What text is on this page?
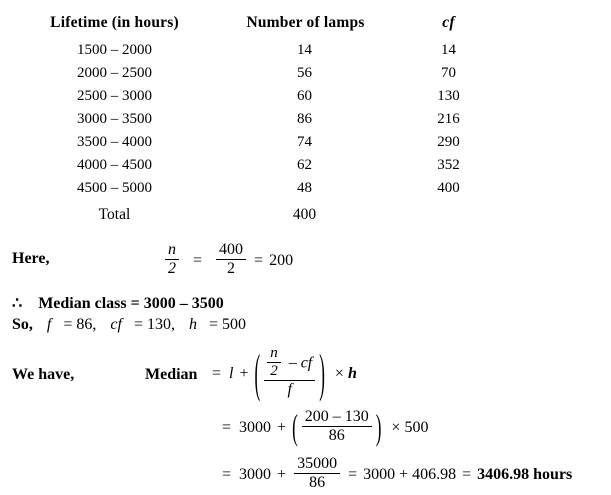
Lifetime (in hours)	Number of lamps	cf
1500 – 2000	14	14
2000 – 2500	56	70
2500 – 3000	60	130
3000 – 3500	86	216
3500 – 4000	74	290
4000 – 4500	62	352
4500 – 5000	48	400
Total	400	
Here,	$\frac{n}{2} = \frac{400}{2} = 200$
∴ Median class = 3000 – 3500
So, f = 86, cf = 130, h = 500
We have,	Median = l + ( $\frac{\frac{n}{2} - cf}{f}$ ) × h
= 3000 + ( $\frac{200 - 130}{86}$ ) × 500
= $3000 + \frac{35000}{86} = 3000 + 406.98 = 3406.98$ hours
